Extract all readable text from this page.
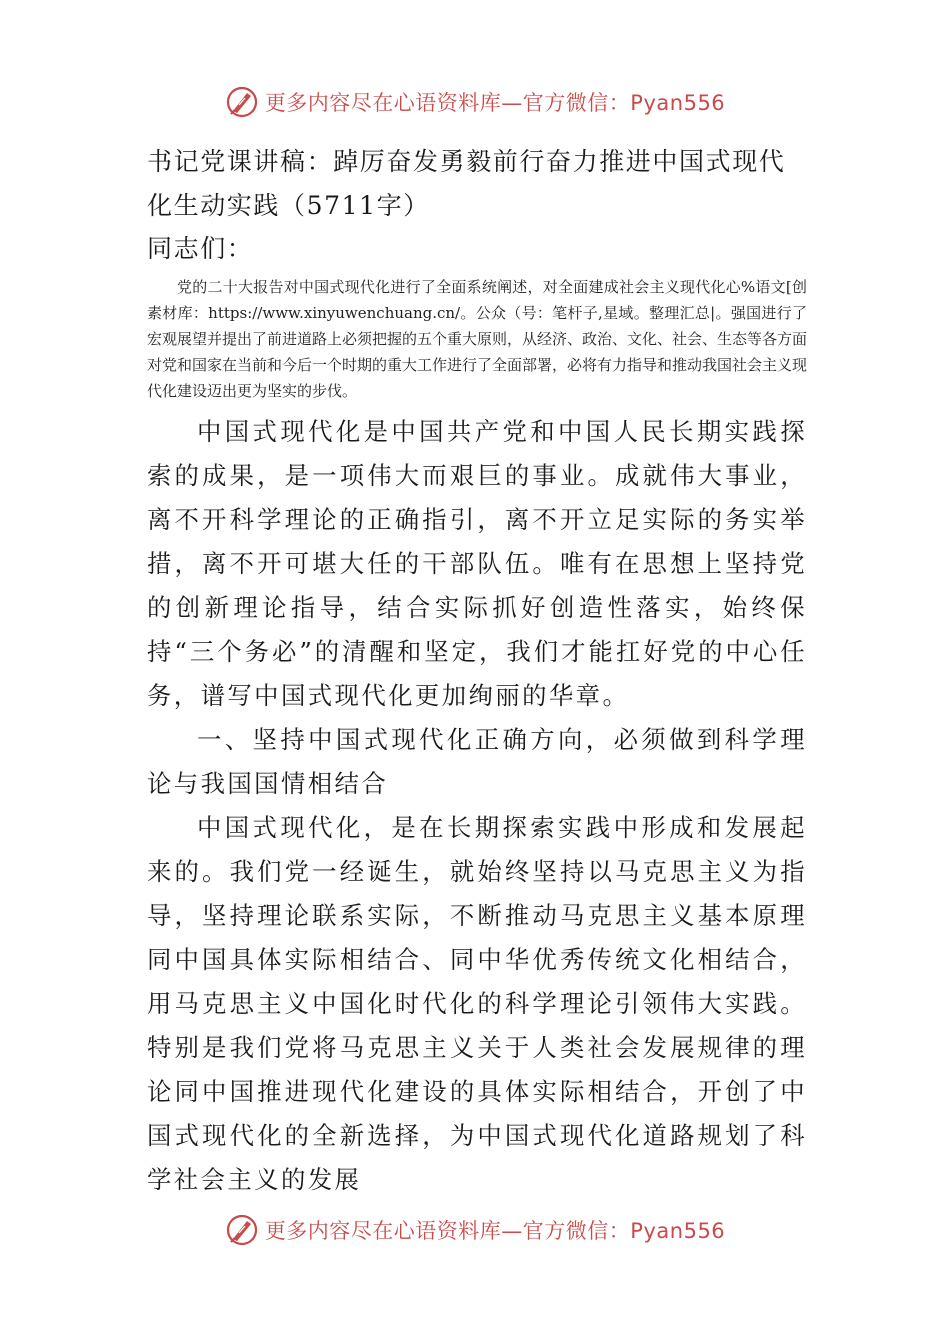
更多内容尽在心语资料库—官方微信：Pyan556
书记党课讲稿：踔厉奋发勇毅前行奋力推进中国式现代化生动实践（5711字）

同志们：

党的二十大报告对中国式现代化进行了全面系统阐述，对全面建成社会主义现代化心%语文[创素材库：https://www.xinyuwenchuang.cn/。公众（号：笔杆子,星域。整理汇总|。强国进行了宏观展望并提出了前进道路上必须把握的五个重大原则，从经济、政治、文化、社会、生态等各方面对党和国家在当前和今后一个时期的重大工作进行了全面部署，必将有力指导和推动我国社会主义现代化建设迈出更为坚实的步伐。

中国式现代化是中国共产党和中国人民长期实践探索的成果，是一项伟大而艰巨的事业。成就伟大事业，离不开科学理论的正确指引，离不开立足实际的务实举措，离不开可堪大任的干部队伍。唯有在思想上坚持党的创新理论指导，结合实际抓好创造性落实，始终保持“三个务必”的清醒和坚定，我们才能扛好党的中心任务，谱写中国式现代化更加绚丽的华章。

一、坚持中国式现代化正确方向，必须做到科学理论与我国国情相结合

中国式现代化，是在长期探索实践中形成和发展起来的。我们党一经诞生，就始终坚持以马克思主义为指导，坚持理论联系实际，不断推动马克思主义基本原理同中国具体实际相结合、同中华优秀传统文化相结合，用马克思主义中国化时代化的科学理论引领伟大实践。特别是我们党将马克思主义关于人类社会发展规律的理论同中国推进现代化建设的具体实际相结合，开创了中国式现代化的全新选择，为中国式现代化道路规划了科学社会主义的发展

更多内容尽在心语资料库—官方微信：Pyan556
